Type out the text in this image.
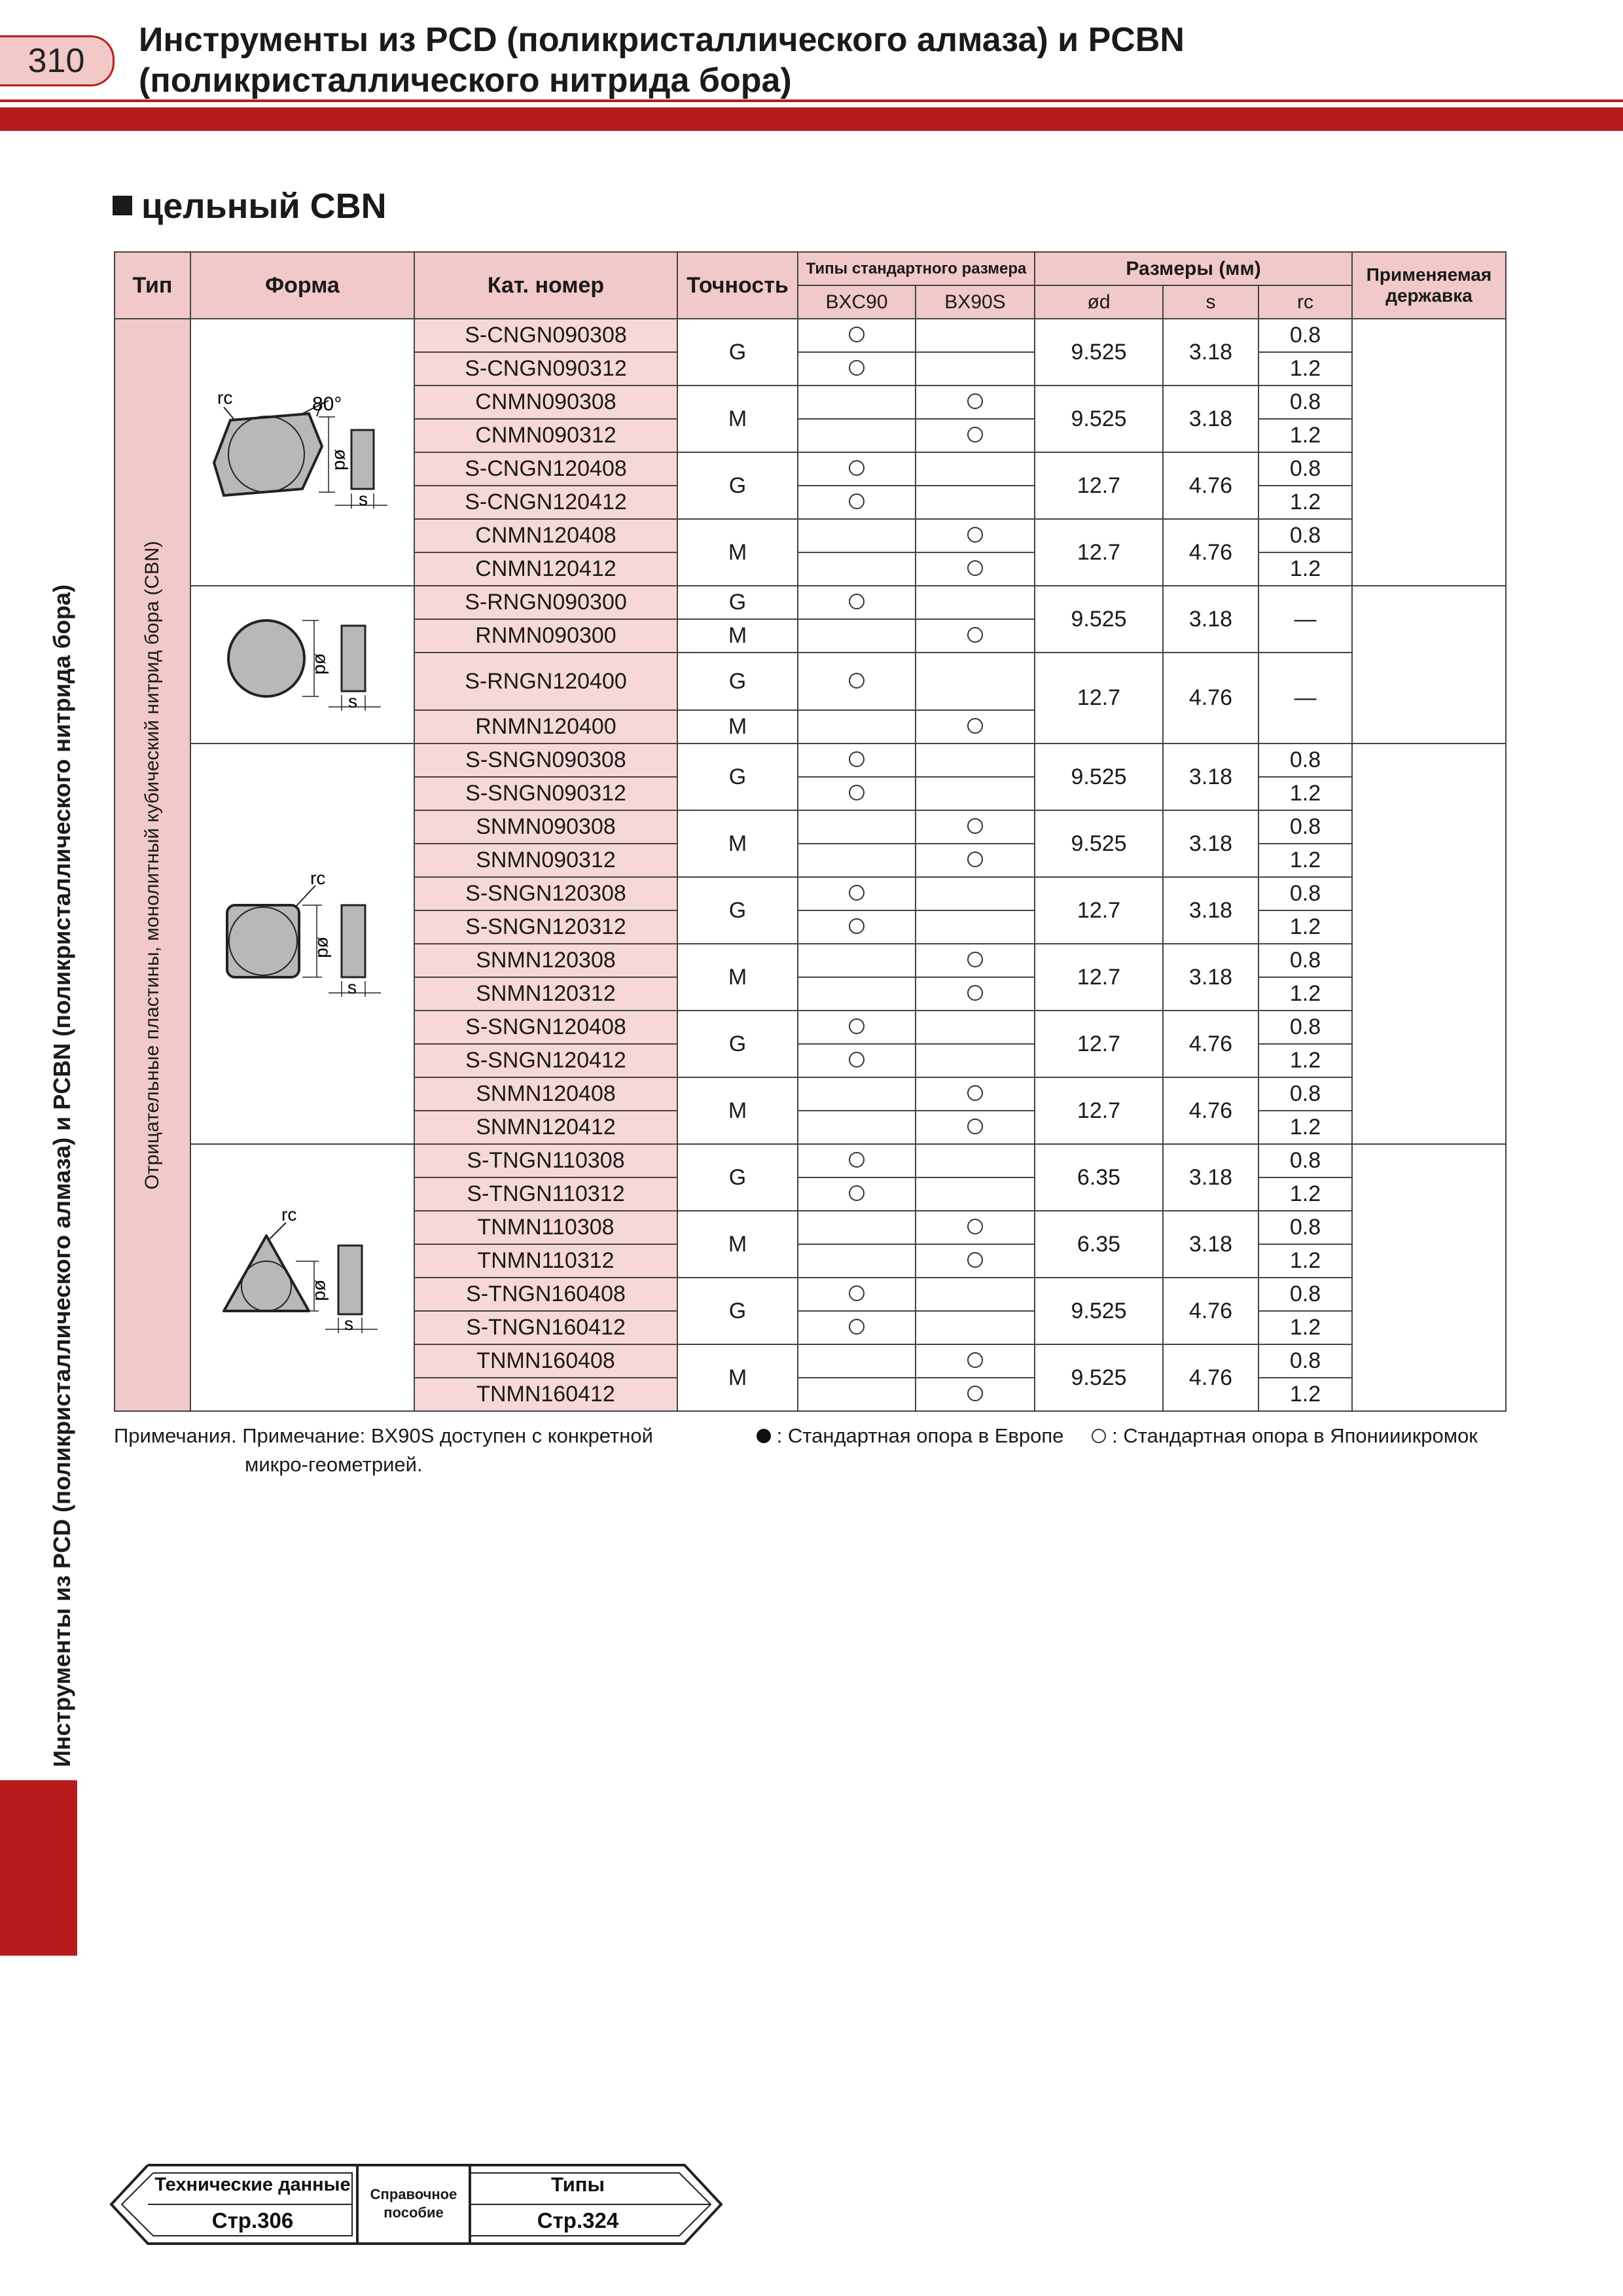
310
Инструменты из PCD (поликристаллического алмаза) и PCBN
(поликристаллического нитрида бора)
Инструменты из PCD (поликристаллического алмаза) и PCBN (поликристаллического нитрида бора)
цельный CBN
Тип	Форма	Кат. номер	Точность	Типы стандартного размера		Размеры (мм)			Применяемая державка
				BXC90	BX90S	ød	s	rc	

Отрицательные пластины, монолитный кубический нитрид бора (CBN)	rc 80°
ød
s	S-CNGN090308	G			9.525	3.18	0.8	
		S-CNGN090312						1.2	
		CNMN090308	M			9.525	3.18	0.8	
		CNMN090312						1.2	
		S-CNGN120408	G			12.7	4.76	0.8	
		S-CNGN120412						1.2	
		CNMN120408	M			12.7	4.76	0.8	
		CNMN120412						1.2	

ød
s	S-RNGN090300	G			9.525	3.18	—	
		RNMN090300	M						
		S-RNGN120400	G			12.7	4.76	—	
		RNMN120400	M						

rc
ød
s	S-SNGN090308	G			9.525	3.18	0.8	
		S-SNGN090312						1.2	
		SNMN090308	M			9.525	3.18	0.8	
		SNMN090312						1.2	
		S-SNGN120308	G			12.7	3.18	0.8	
		S-SNGN120312						1.2	
		SNMN120308	M			12.7	3.18	0.8	
		SNMN120312						1.2	
		S-SNGN120408	G			12.7	4.76	0.8	
		S-SNGN120412						1.2	
		SNMN120408	M			12.7	4.76	0.8	
		SNMN120412						1.2	

rc
ød
s	S-TNGN110308	G			6.35	3.18	0.8	
		S-TNGN110312						1.2	
		TNMN110308	M			6.35	3.18	0.8	
		TNMN110312						1.2	
		S-TNGN160408	G			9.525	4.76	0.8	
		S-TNGN160412						1.2	
		TNMN160408	M			9.525	4.76	0.8	
		TNMN160412						1.2	
Примечания. Примечание: BX90S доступен с конкретной
микро-геометрией.
: Стандартная опора в Европе : Стандартная опора в Японииикромок
Технические данные
Стр.306
Справочное
пособие
Типы
Стр.324
